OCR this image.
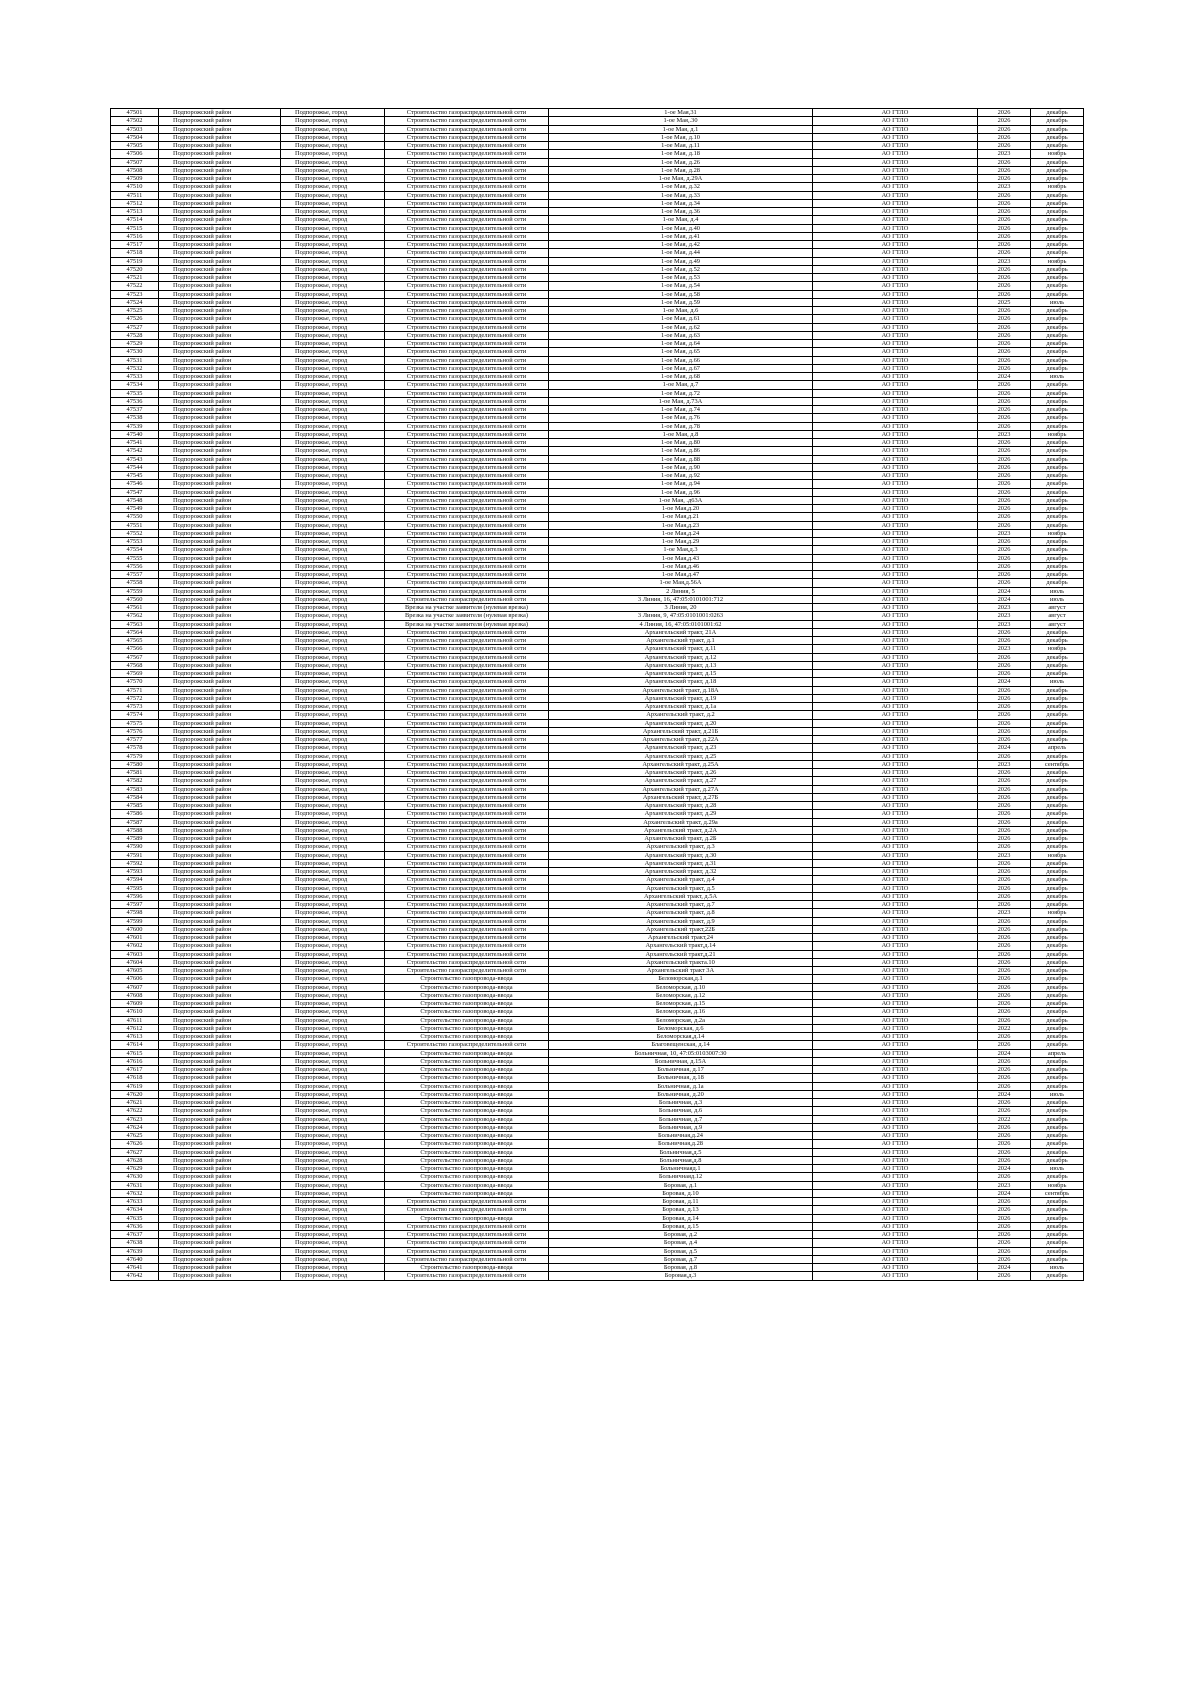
47501	Подпорожский район	Подпорожье, город	Строительство газораспределительной сети	1-ое Мая,31	АО ГТЛО	2026	декабрь
47502	Подпорожский район	Подпорожье, город	Строительство газораспределительной сети	1-ое Мая,.30	АО ГТЛО	2026	декабрь
47503	Подпорожский район	Подпорожье, город	Строительство газораспределительной сети	1-ое Мая, д.1	АО ГТЛО	2026	декабрь
47504	Подпорожский район	Подпорожье, город	Строительство газораспределительной сети	1-ое Мая, д.10	АО ГТЛО	2026	декабрь
47505	Подпорожский район	Подпорожье, город	Строительство газораспределительной сети	1-ое Мая, д.11	АО ГТЛО	2026	декабрь
47506	Подпорожский район	Подпорожье, город	Строительство газораспределительной сети	1-ое Мая, д.18	АО ГТЛО	2023	ноябрь
47507	Подпорожский район	Подпорожье, город	Строительство газораспределительной сети	1-ое Мая, д.26	АО ГТЛО	2026	декабрь
47508	Подпорожский район	Подпорожье, город	Строительство газораспределительной сети	1-ое Мая, д.28	АО ГТЛО	2026	декабрь
47509	Подпорожский район	Подпорожье, город	Строительство газораспределительной сети	1-ое Мая, д.29А	АО ГТЛО	2026	декабрь
47510	Подпорожский район	Подпорожье, город	Строительство газораспределительной сети	1-ое Мая, д.32	АО ГТЛО	2023	ноябрь
47511	Подпорожский район	Подпорожье, город	Строительство газораспределительной сети	1-ое Мая, д.33	АО ГТЛО	2026	декабрь
47512	Подпорожский район	Подпорожье, город	Строительство газораспределительной сети	1-ое Мая, д.34	АО ГТЛО	2026	декабрь
47513	Подпорожский район	Подпорожье, город	Строительство газораспределительной сети	1-ое Мая, д.36	АО ГТЛО	2026	декабрь
47514	Подпорожский район	Подпорожье, город	Строительство газораспределительной сети	1-ое Мая, д.4	АО ГТЛО	2026	декабрь
47515	Подпорожский район	Подпорожье, город	Строительство газораспределительной сети	1-ое Мая, д.40	АО ГТЛО	2026	декабрь
47516	Подпорожский район	Подпорожье, город	Строительство газораспределительной сети	1-ое Мая, д.41	АО ГТЛО	2026	декабрь
47517	Подпорожский район	Подпорожье, город	Строительство газораспределительной сети	1-ое Мая, д.42	АО ГТЛО	2026	декабрь
47518	Подпорожский район	Подпорожье, город	Строительство газораспределительной сети	1-ое Мая, д.44	АО ГТЛО	2026	декабрь
47519	Подпорожский район	Подпорожье, город	Строительство газораспределительной сети	1-ое Мая, д.49	АО ГТЛО	2023	ноябрь
47520	Подпорожский район	Подпорожье, город	Строительство газораспределительной сети	1-ое Мая, д.52	АО ГТЛО	2026	декабрь
47521	Подпорожский район	Подпорожье, город	Строительство газораспределительной сети	1-ое Мая, д.53	АО ГТЛО	2026	декабрь
47522	Подпорожский район	Подпорожье, город	Строительство газораспределительной сети	1-ое Мая, д.54	АО ГТЛО	2026	декабрь
47523	Подпорожский район	Подпорожье, город	Строительство газораспределительной сети	1-ое Мая, д.58	АО ГТЛО	2026	декабрь
47524	Подпорожский район	Подпорожье, город	Строительство газораспределительной сети	1-ое Мая, д.59	АО ГТЛО	2025	июль
47525	Подпорожский район	Подпорожье, город	Строительство газораспределительной сети	1-ое Мая, д.6	АО ГТЛО	2026	декабрь
47526	Подпорожский район	Подпорожье, город	Строительство газораспределительной сети	1-ое Мая, д.61	АО ГТЛО	2026	декабрь
47527	Подпорожский район	Подпорожье, город	Строительство газораспределительной сети	1-ое Мая, д.62	АО ГТЛО	2026	декабрь
47528	Подпорожский район	Подпорожье, город	Строительство газораспределительной сети	1-ое Мая, д.63	АО ГТЛО	2026	декабрь
47529	Подпорожский район	Подпорожье, город	Строительство газораспределительной сети	1-ое Мая, д.64	АО ГТЛО	2026	декабрь
47530	Подпорожский район	Подпорожье, город	Строительство газораспределительной сети	1-ое Мая, д.65	АО ГТЛО	2026	декабрь
47531	Подпорожский район	Подпорожье, город	Строительство газораспределительной сети	1-ое Мая, д.66	АО ГТЛО	2026	декабрь
47532	Подпорожский район	Подпорожье, город	Строительство газораспределительной сети	1-ое Мая, д.67	АО ГТЛО	2026	декабрь
47533	Подпорожский район	Подпорожье, город	Строительство газораспределительной сети	1-ое Мая, д.68	АО ГТЛО	2024	июль
47534	Подпорожский район	Подпорожье, город	Строительство газораспределительной сети	1-ое Мая, д.7	АО ГТЛО	2026	декабрь
47535	Подпорожский район	Подпорожье, город	Строительство газораспределительной сети	1-ое Мая, д.72	АО ГТЛО	2026	декабрь
47536	Подпорожский район	Подпорожье, город	Строительство газораспределительной сети	1-ое Мая, д.73А	АО ГТЛО	2026	декабрь
47537	Подпорожский район	Подпорожье, город	Строительство газораспределительной сети	1-ое Мая, д.74	АО ГТЛО	2026	декабрь
47538	Подпорожский район	Подпорожье, город	Строительство газораспределительной сети	1-ое Мая, д.76	АО ГТЛО	2026	декабрь
47539	Подпорожский район	Подпорожье, город	Строительство газораспределительной сети	1-ое Мая, д.78	АО ГТЛО	2026	декабрь
47540	Подпорожский район	Подпорожье, город	Строительство газораспределительной сети	1-ое Мая, д.8	АО ГТЛО	2023	ноябрь
47541	Подпорожский район	Подпорожье, город	Строительство газораспределительной сети	1-ое Мая, д.80	АО ГТЛО	2026	декабрь
47542	Подпорожский район	Подпорожье, город	Строительство газораспределительной сети	1-ое Мая, д.86	АО ГТЛО	2026	декабрь
47543	Подпорожский район	Подпорожье, город	Строительство газораспределительной сети	1-ое Мая, д.88	АО ГТЛО	2026	декабрь
47544	Подпорожский район	Подпорожье, город	Строительство газораспределительной сети	1-ое Мая, д.90	АО ГТЛО	2026	декабрь
47545	Подпорожский район	Подпорожье, город	Строительство газораспределительной сети	1-ое Мая, д.92	АО ГТЛО	2026	декабрь
47546	Подпорожский район	Подпорожье, город	Строительство газораспределительной сети	1-ое Мая, д.94	АО ГТЛО	2026	декабрь
47547	Подпорожский район	Подпорожье, город	Строительство газораспределительной сети	1-ое Мая, д.96	АО ГТЛО	2026	декабрь
47548	Подпорожский район	Подпорожье, город	Строительство газораспределительной сети	1-ое Мая, .д63А	АО ГТЛО	2026	декабрь
47549	Подпорожский район	Подпорожье, город	Строительство газораспределительной сети	1-ое Мая,д.20	АО ГТЛО	2026	декабрь
47550	Подпорожский район	Подпорожье, город	Строительство газораспределительной сети	1-ое Мая,д.21	АО ГТЛО	2026	декабрь
47551	Подпорожский район	Подпорожье, город	Строительство газораспределительной сети	1-ое Мая,д.23	АО ГТЛО	2026	декабрь
47552	Подпорожский район	Подпорожье, город	Строительство газораспределительной сети	1-ое Мая,д.24	АО ГТЛО	2023	ноябрь
47553	Подпорожский район	Подпорожье, город	Строительство газораспределительной сети	1-ое Мая,д.29	АО ГТЛО	2026	декабрь
47554	Подпорожский район	Подпорожье, город	Строительство газораспределительной сети	1-ое Мая,д.3	АО ГТЛО	2026	декабрь
47555	Подпорожский район	Подпорожье, город	Строительство газораспределительной сети	1-ое Мая,д.43	АО ГТЛО	2026	декабрь
47556	Подпорожский район	Подпорожье, город	Строительство газораспределительной сети	1-ое Мая,д.46	АО ГТЛО	2026	декабрь
47557	Подпорожский район	Подпорожье, город	Строительство газораспределительной сети	1-ое Мая,д.47	АО ГТЛО	2026	декабрь
47558	Подпорожский район	Подпорожье, город	Строительство газораспределительной сети	1-ое Мая,д.56А	АО ГТЛО	2026	декабрь
47559	Подпорожский район	Подпорожье, город	Строительство газораспределительной сети	2 Линия, 5	АО ГТЛО	2024	июль
47560	Подпорожский район	Подпорожье, город	Строительство газораспределительной сети	3 Линия, 16, 47:05:0101001:712	АО ГТЛО	2024	июль
47561	Подпорожский район	Подпорожье, город	Врезка на участке заявителя (нулевая врезка)	3 Линия, 20	АО ГТЛО	2023	август
47562	Подпорожский район	Подпорожье, город	Врезка на участке заявителя (нулевая врезка)	3 Линия, 9, 47:05:0101001:0263	АО ГТЛО	2023	август
47563	Подпорожский район	Подпорожье, город	Врезка на участке заявителя (нулевая врезка)	4 Линия, 16, 47:05:0101001:62	АО ГТЛО	2023	август
47564	Подпорожский район	Подпорожье, город	Строительство газораспределительной сети	Архангельский тракт, 21А	АО ГТЛО	2026	декабрь
47565	Подпорожский район	Подпорожье, город	Строительство газораспределительной сети	Архангельский тракт, д.1	АО ГТЛО	2026	декабрь
47566	Подпорожский район	Подпорожье, город	Строительство газораспределительной сети	Архангельский тракт, д.11	АО ГТЛО	2023	ноябрь
47567	Подпорожский район	Подпорожье, город	Строительство газораспределительной сети	Архангельский тракт, д.12	АО ГТЛО	2026	декабрь
47568	Подпорожский район	Подпорожье, город	Строительство газораспределительной сети	Архангельский тракт, д.13	АО ГТЛО	2026	декабрь
47569	Подпорожский район	Подпорожье, город	Строительство газораспределительной сети	Архангельский тракт, д.15	АО ГТЛО	2026	декабрь
47570	Подпорожский район	Подпорожье, город	Строительство газораспределительной сети	Архангельский тракт, д.18	АО ГТЛО	2024	июль
47571	Подпорожский район	Подпорожье, город	Строительство газораспределительной сети	Архангельский тракт, д.18А	АО ГТЛО	2026	декабрь
47572	Подпорожский район	Подпорожье, город	Строительство газораспределительной сети	Архангельский тракт, д.19	АО ГТЛО	2026	декабрь
47573	Подпорожский район	Подпорожье, город	Строительство газораспределительной сети	Архангельский тракт, д.1а	АО ГТЛО	2026	декабрь
47574	Подпорожский район	Подпорожье, город	Строительство газораспределительной сети	Архангельский тракт, д.2	АО ГТЛО	2026	декабрь
47575	Подпорожский район	Подпорожье, город	Строительство газораспределительной сети	Архангельский тракт, д.20	АО ГТЛО	2026	декабрь
47576	Подпорожский район	Подпорожье, город	Строительство газораспределительной сети	Архангельский тракт, д.21Б	АО ГТЛО	2026	декабрь
47577	Подпорожский район	Подпорожье, город	Строительство газораспределительной сети	Архангельский тракт, д.22А	АО ГТЛО	2026	декабрь
47578	Подпорожский район	Подпорожье, город	Строительство газораспределительной сети	Архангельский тракт, д.23	АО ГТЛО	2024	апрель
47579	Подпорожский район	Подпорожье, город	Строительство газораспределительной сети	Архангельский тракт, д.25	АО ГТЛО	2026	декабрь
47580	Подпорожский район	Подпорожье, город	Строительство газораспределительной сети	Архангельский тракт, д.25А	АО ГТЛО	2023	сентябрь
47581	Подпорожский район	Подпорожье, город	Строительство газораспределительной сети	Архангельский тракт, д.26	АО ГТЛО	2026	декабрь
47582	Подпорожский район	Подпорожье, город	Строительство газораспределительной сети	Архангельский тракт, д.27	АО ГТЛО	2026	декабрь
47583	Подпорожский район	Подпорожье, город	Строительство газораспределительной сети	Архангельский тракт, д.27А	АО ГТЛО	2026	декабрь
47584	Подпорожский район	Подпорожье, город	Строительство газораспределительной сети	Архангельский тракт, д.27Б	АО ГТЛО	2026	декабрь
47585	Подпорожский район	Подпорожье, город	Строительство газораспределительной сети	Архангельский тракт, д.28	АО ГТЛО	2026	декабрь
47586	Подпорожский район	Подпорожье, город	Строительство газораспределительной сети	Архангельский тракт, д.29	АО ГТЛО	2026	декабрь
47587	Подпорожский район	Подпорожье, город	Строительство газораспределительной сети	Архангельский тракт, д.29а	АО ГТЛО	2026	декабрь
47588	Подпорожский район	Подпорожье, город	Строительство газораспределительной сети	Архангельский тракт, д.2А	АО ГТЛО	2026	декабрь
47589	Подпорожский район	Подпорожье, город	Строительство газораспределительной сети	Архангельский тракт, д.2Б	АО ГТЛО	2026	декабрь
47590	Подпорожский район	Подпорожье, город	Строительство газораспределительной сети	Архангельский тракт, д.3	АО ГТЛО	2026	декабрь
47591	Подпорожский район	Подпорожье, город	Строительство газораспределительной сети	Архангельский тракт, д.30	АО ГТЛО	2023	ноябрь
47592	Подпорожский район	Подпорожье, город	Строительство газораспределительной сети	Архангельский тракт, д.31	АО ГТЛО	2026	декабрь
47593	Подпорожский район	Подпорожье, город	Строительство газораспределительной сети	Архангельский тракт, д.32	АО ГТЛО	2026	декабрь
47594	Подпорожский район	Подпорожье, город	Строительство газораспределительной сети	Архангельский тракт, д.4	АО ГТЛО	2026	декабрь
47595	Подпорожский район	Подпорожье, город	Строительство газораспределительной сети	Архангельский тракт, д.5	АО ГТЛО	2026	декабрь
47596	Подпорожский район	Подпорожье, город	Строительство газораспределительной сети	Архангельский тракт, д.5А	АО ГТЛО	2026	декабрь
47597	Подпорожский район	Подпорожье, город	Строительство газораспределительной сети	Архангельский тракт, д.7	АО ГТЛО	2026	декабрь
47598	Подпорожский район	Подпорожье, город	Строительство газораспределительной сети	Архангельский тракт, д.8	АО ГТЛО	2023	ноябрь
47599	Подпорожский район	Подпорожье, город	Строительство газораспределительной сети	Архангельский тракт, д.9	АО ГТЛО	2026	декабрь
47600	Подпорожский район	Подпорожье, город	Строительство газораспределительной сети	Архангельский тракт,22Б	АО ГТЛО	2026	декабрь
47601	Подпорожский район	Подпорожье, город	Строительство газораспределительной сети	Архангельский тракт,24	АО ГТЛО	2026	декабрь
47602	Подпорожский район	Подпорожье, город	Строительство газораспределительной сети	Архангельский тракт,д.14	АО ГТЛО	2026	декабрь
47603	Подпорожский район	Подпорожье, город	Строительство газораспределительной сети	Архангельский тракт,д.21	АО ГТЛО	2026	декабрь
47604	Подпорожский район	Подпорожье, город	Строительство газораспределительной сети	Архангельский тракта.10	АО ГТЛО	2026	декабрь
47605	Подпорожский район	Подпорожье, город	Строительство газораспределительной сети	Архангельский тракт 3А	АО ГТЛО	2026	декабрь
47606	Подпорожский район	Подпорожье, город	Строительство газопровода-ввода	Беломорская,д.1	АО ГТЛО	2026	декабрь
47607	Подпорожский район	Подпорожье, город	Строительство газопровода-ввода	Беломорская, д.10	АО ГТЛО	2026	декабрь
47608	Подпорожский район	Подпорожье, город	Строительство газопровода-ввода	Беломорская, д.12	АО ГТЛО	2026	декабрь
47609	Подпорожский район	Подпорожье, город	Строительство газопровода-ввода	Беломорская, д.15	АО ГТЛО	2026	декабрь
47610	Подпорожский район	Подпорожье, город	Строительство газопровода-ввода	Беломорская, д.16	АО ГТЛО	2026	декабрь
47611	Подпорожский район	Подпорожье, город	Строительство газопровода-ввода	Беломорская, д.2а	АО ГТЛО	2026	декабрь
47612	Подпорожский район	Подпорожье, город	Строительство газопровода-ввода	Беломорская, д.6	АО ГТЛО	2022	декабрь
47613	Подпорожский район	Подпорожье, город	Строительство газопровода-ввода	Беломорская,д.14	АО ГТЛО	2026	декабрь
47614	Подпорожский район	Подпорожье, город	Строительство газораспределительной сети	Благовещенская, д.14	АО ГТЛО	2026	декабрь
47615	Подпорожский район	Подпорожье, город	Строительство газопровода-ввода	Больничная, 10, 47:05:0103007:30	АО ГТЛО	2024	апрель
47616	Подпорожский район	Подпорожье, город	Строительство газопровода-ввода	Больничная, д.15А	АО ГТЛО	2026	декабрь
47617	Подпорожский район	Подпорожье, город	Строительство газопровода-ввода	Больничная, д.17	АО ГТЛО	2026	декабрь
47618	Подпорожский район	Подпорожье, город	Строительство газопровода-ввода	Больничная, д.18	АО ГТЛО	2026	декабрь
47619	Подпорожский район	Подпорожье, город	Строительство газопровода-ввода	Больничная, д.1а	АО ГТЛО	2026	декабрь
47620	Подпорожский район	Подпорожье, город	Строительство газопровода-ввода	Больничная, д.20	АО ГТЛО	2024	июль
47621	Подпорожский район	Подпорожье, город	Строительство газопровода-ввода	Больничная, д.3	АО ГТЛО	2026	декабрь
47622	Подпорожский район	Подпорожье, город	Строительство газопровода-ввода	Больничная, д.6	АО ГТЛО	2026	декабрь
47623	Подпорожский район	Подпорожье, город	Строительство газопровода-ввода	Больничная, д.7	АО ГТЛО	2022	декабрь
47624	Подпорожский район	Подпорожье, город	Строительство газопровода-ввода	Больничная, д.9	АО ГТЛО	2026	декабрь
47625	Подпорожский район	Подпорожье, город	Строительство газопровода-ввода	Больничная,д.24	АО ГТЛО	2026	декабрь
47626	Подпорожский район	Подпорожье, город	Строительство газопровода-ввода	Больничная,д.28	АО ГТЛО	2026	декабрь
47627	Подпорожский район	Подпорожье, город	Строительство газопровода-ввода	Больничная,д.5	АО ГТЛО	2026	декабрь
47628	Подпорожский район	Подпорожье, город	Строительство газопровода-ввода	Больничная,д.8	АО ГТЛО	2026	декабрь
47629	Подпорожский район	Подпорожье, город	Строительство газопровода-ввода	Больничнаяд.1	АО ГТЛО	2024	июль
47630	Подпорожский район	Подпорожье, город	Строительство газопровода-ввода	Больничнаяд.12	АО ГТЛО	2026	декабрь
47631	Подпорожский район	Подпорожье, город	Строительство газопровода-ввода	Боровая, д.1	АО ГТЛО	2023	ноябрь
47632	Подпорожский район	Подпорожье, город	Строительство газопровода-ввода	Боровая, д.10	АО ГТЛО	2024	сентябрь
47633	Подпорожский район	Подпорожье, город	Строительство газораспределительной сети	Боровая, д.11	АО ГТЛО	2026	декабрь
47634	Подпорожский район	Подпорожье, город	Строительство газораспределительной сети	Боровая, д.13	АО ГТЛО	2026	декабрь
47635	Подпорожский район	Подпорожье, город	Строительство газопровода-ввода	Боровая, д.14	АО ГТЛО	2026	декабрь
47636	Подпорожский район	Подпорожье, город	Строительство газораспределительной сети	Боровая, д.15	АО ГТЛО	2026	декабрь
47637	Подпорожский район	Подпорожье, город	Строительство газораспределительной сети	Боровая, д.2	АО ГТЛО	2026	декабрь
47638	Подпорожский район	Подпорожье, город	Строительство газораспределительной сети	Боровая, д.4	АО ГТЛО	2026	декабрь
47639	Подпорожский район	Подпорожье, город	Строительство газораспределительной сети	Боровая, д.5	АО ГТЛО	2026	декабрь
47640	Подпорожский район	Подпорожье, город	Строительство газораспределительной сети	Боровая, д.7	АО ГТЛО	2026	декабрь
47641	Подпорожский район	Подпорожье, город	Строительство газопровода-ввода	Боровая, д.8	АО ГТЛО	2024	июль
47642	Подпорожский район	Подпорожье, город	Строительство газораспределительной сети	Боровая,д.3	АО ГТЛО	2026	декабрь
